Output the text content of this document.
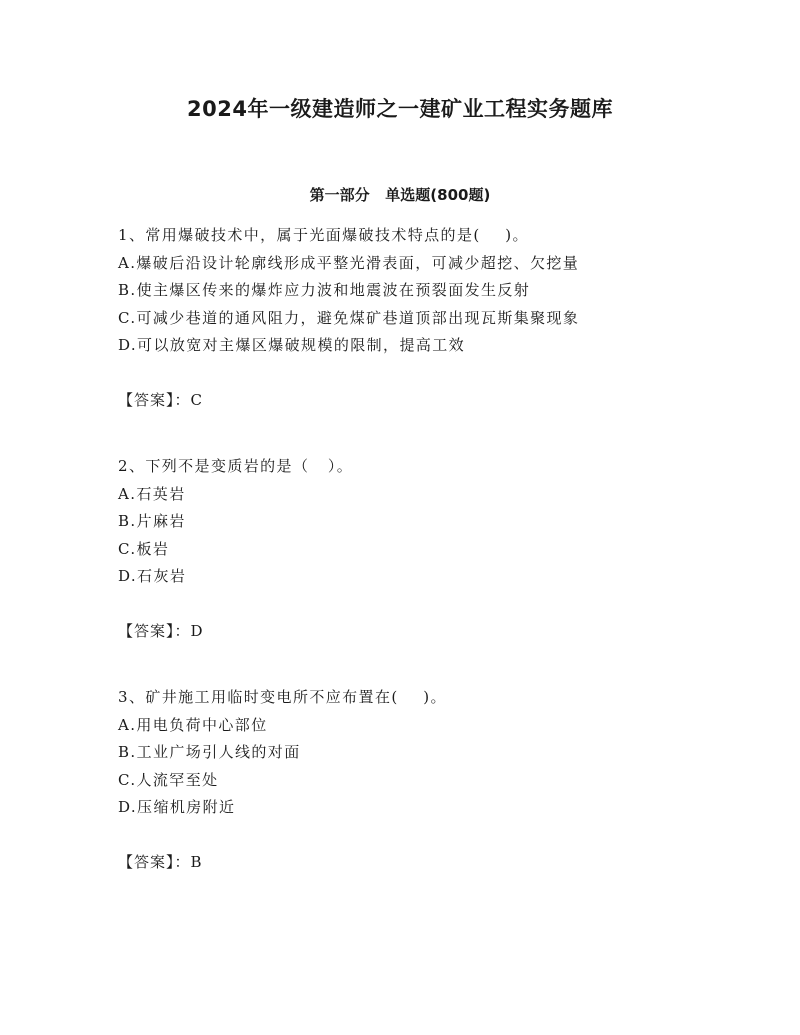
2024年一级建造师之一建矿业工程实务题库
第一部分   单选题(800题)
1、常用爆破技术中，属于光面爆破技术特点的是(    )。
A.爆破后沿设计轮廓线形成平整光滑表面，可减少超挖、欠挖量
B.使主爆区传来的爆炸应力波和地震波在预裂面发生反射
C.可减少巷道的通风阻力，避免煤矿巷道顶部出现瓦斯集聚现象
D.可以放宽对主爆区爆破规模的限制，提高工效
【答案】：C
2、下列不是变质岩的是（   ）。
A.石英岩
B.片麻岩
C.板岩
D.石灰岩
【答案】：D
3、矿井施工用临时变电所不应布置在(    )。
A.用电负荷中心部位
B.工业广场引人线的对面
C.人流罕至处
D.压缩机房附近
【答案】：B
